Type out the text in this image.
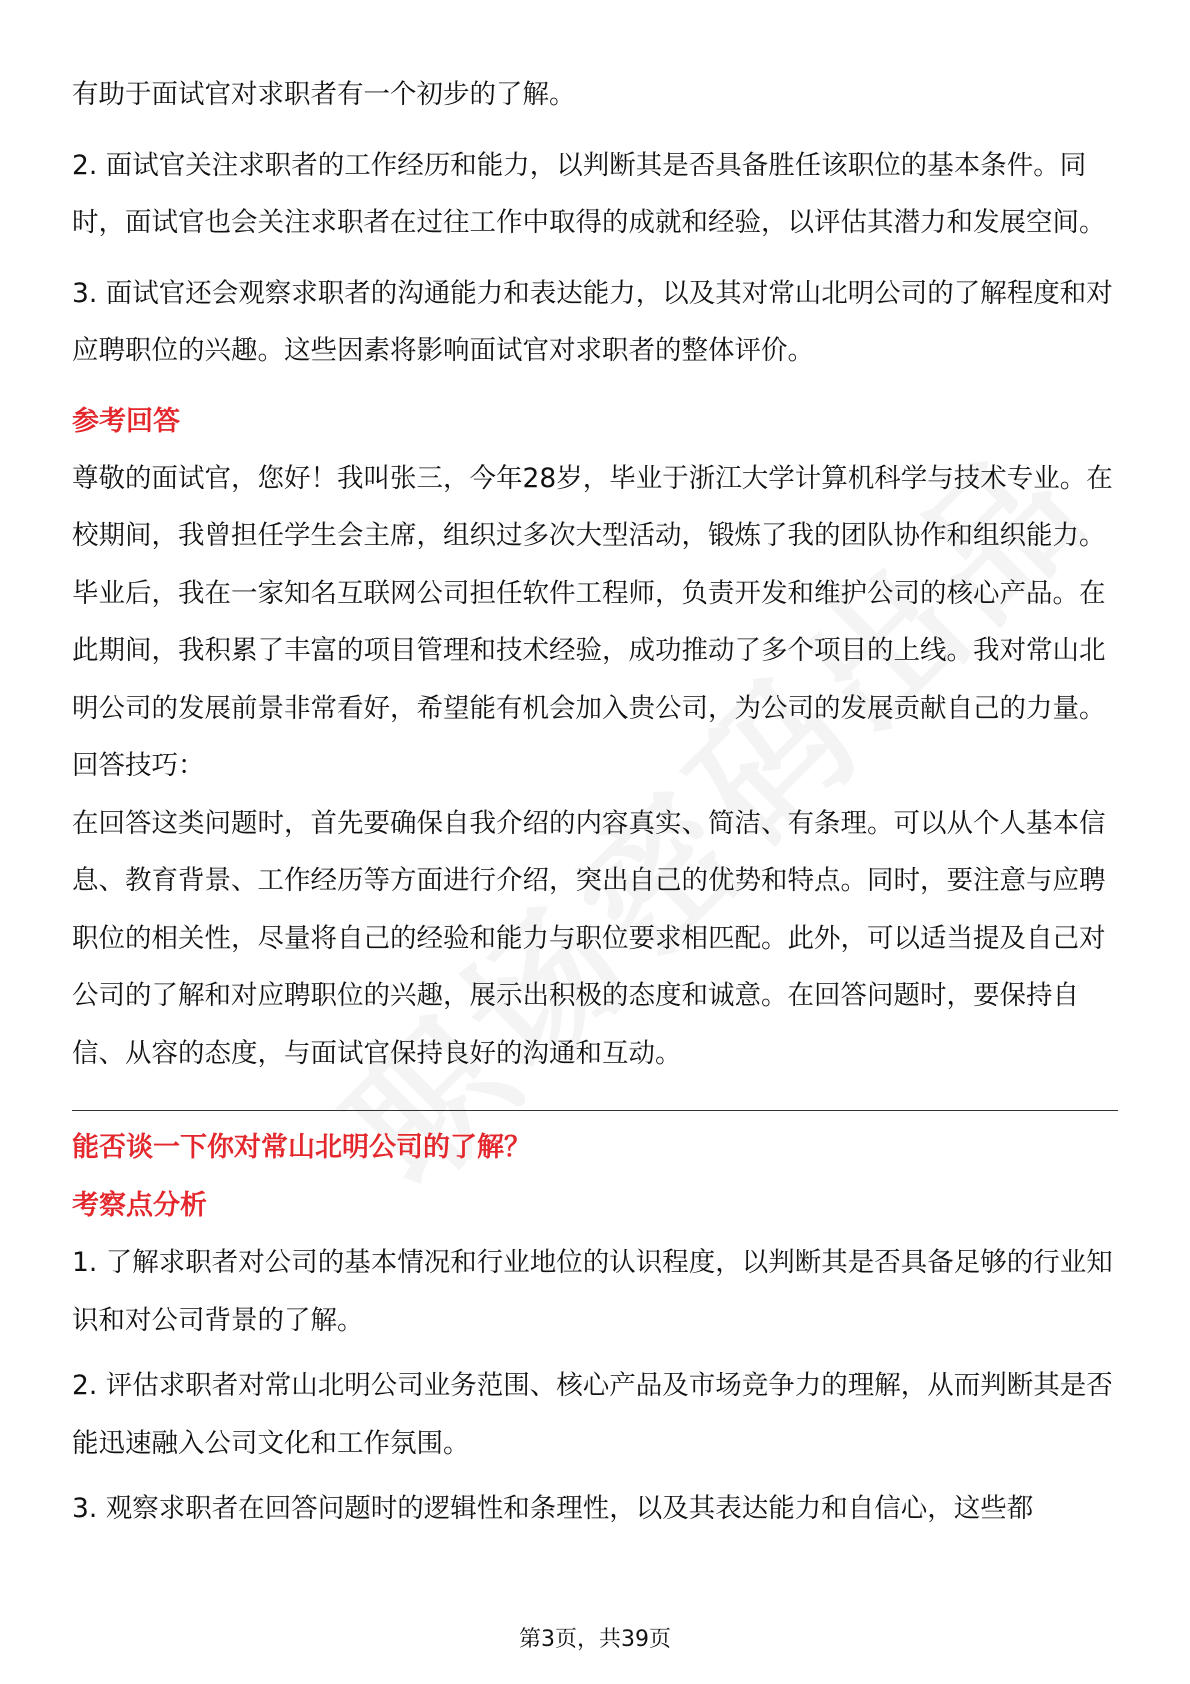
有助于面试官对求职者有一个初步的了解。

2. 面试官关注求职者的工作经历和能力，以判断其是否具备胜任该职位的基本条件。同时，面试官也会关注求职者在过往工作中取得的成就和经验，以评估其潜力和发展空间。

3. 面试官还会观察求职者的沟通能力和表达能力，以及其对常山北明公司的了解程度和对应聘职位的兴趣。这些因素将影响面试官对求职者的整体评价。

参考回答

尊敬的面试官，您好！我叫张三，今年28岁，毕业于浙江大学计算机科学与技术专业。在校期间，我曾担任学生会主席，组织过多次大型活动，锻炼了我的团队协作和组织能力。毕业后，我在一家知名互联网公司担任软件工程师，负责开发和维护公司的核心产品。在此期间，我积累了丰富的项目管理和技术经验，成功推动了多个项目的上线。我对常山北明公司的发展前景非常看好，希望能有机会加入贵公司，为公司的发展贡献自己的力量。

回答技巧：

在回答这类问题时，首先要确保自我介绍的内容真实、简洁、有条理。可以从个人基本信息、教育背景、工作经历等方面进行介绍，突出自己的优势和特点。同时，要注意与应聘职位的相关性，尽量将自己的经验和能力与职位要求相匹配。此外，可以适当提及自己对公司的了解和对应聘职位的兴趣，展示出积极的态度和诚意。在回答问题时，要保持自信、从容的态度，与面试官保持良好的沟通和互动。

能否谈一下你对常山北明公司的了解？
考察点分析

1. 了解求职者对公司的基本情况和行业地位的认识程度，以判断其是否具备足够的行业知识和对公司背景的了解。

2. 评估求职者对常山北明公司业务范围、核心产品及市场竞争力的理解，从而判断其是否能迅速融入公司文化和工作氛围。

3. 观察求职者在回答问题时的逻辑性和条理性，以及其表达能力和自信心，这些都

第3页，共39页
